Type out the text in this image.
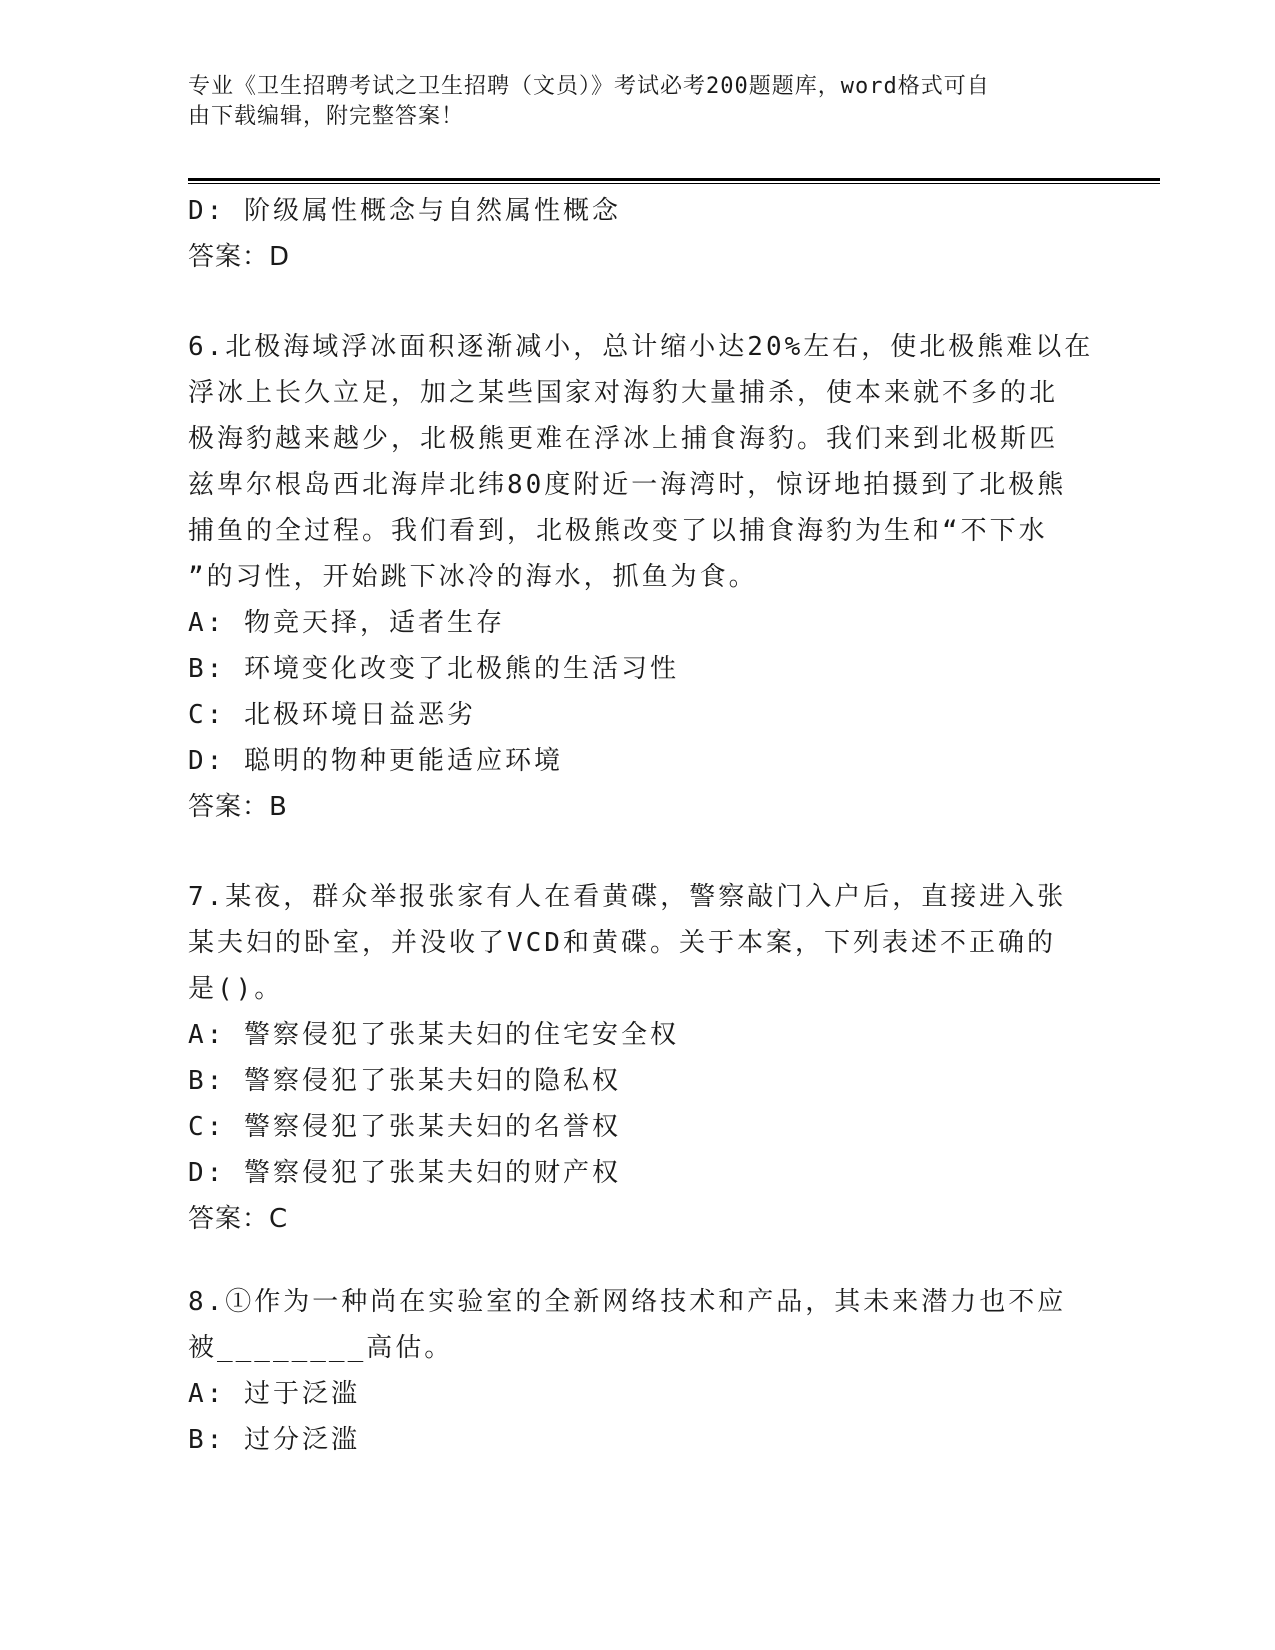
专业《卫生招聘考试之卫生招聘（文员）》考试必考200题题库，word格式可自
由下载编辑，附完整答案！
D: 阶级属性概念与自然属性概念
答案：D
6.北极海域浮冰面积逐渐减小，总计缩小达20%左右，使北极熊难以在
浮冰上长久立足，加之某些国家对海豹大量捕杀，使本来就不多的北
极海豹越来越少，北极熊更难在浮冰上捕食海豹。我们来到北极斯匹
兹卑尔根岛西北海岸北纬80度附近一海湾时，惊讶地拍摄到了北极熊
捕鱼的全过程。我们看到，北极熊改变了以捕食海豹为生和“不下水
”的习性，开始跳下冰冷的海水，抓鱼为食。
A: 物竞天择，适者生存
B: 环境变化改变了北极熊的生活习性
C: 北极环境日益恶劣
D: 聪明的物种更能适应环境
答案：B
7.某夜，群众举报张家有人在看黄碟，警察敲门入户后，直接进入张
某夫妇的卧室，并没收了VCD和黄碟。关于本案，下列表述不正确的
是()。
A: 警察侵犯了张某夫妇的住宅安全权
B: 警察侵犯了张某夫妇的隐私权
C: 警察侵犯了张某夫妇的名誉权
D: 警察侵犯了张某夫妇的财产权
答案：C
8.①作为一种尚在实验室的全新网络技术和产品，其未来潜力也不应
被________高估。
A: 过于泛滥
B: 过分泛滥
